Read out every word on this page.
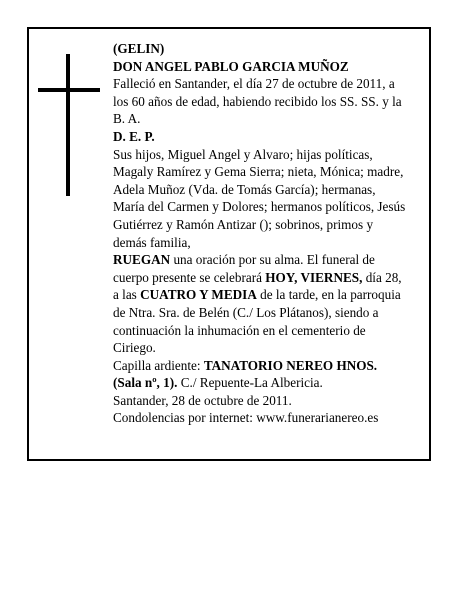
(GELIN)
DON ANGEL PABLO GARCIA MUÑOZ
Falleció en Santander, el día 27 de octubre de 2011, a
los 60 años de edad, habiendo recibido los SS. SS. y la
B. A.
D. E. P.
Sus hijos, Miguel Angel y Alvaro; hijas políticas,
Magaly Ramírez y Gema Sierra; nieta, Mónica; madre,
Adela Muñoz (Vda. de Tomás García); hermanas,
María del Carmen y Dolores; hermanos políticos, Jesús
Gutiérrez y Ramón Antizar (); sobrinos, primos y
demás familia,
RUEGAN una oración por su alma. El funeral de
cuerpo presente se celebrará HOY, VIERNES, día 28,
a las CUATRO Y MEDIA de la tarde, en la parroquia
de Ntra. Sra. de Belén (C./ Los Plátanos), siendo a
continuación la inhumación en el cementerio de
Ciriego.
Capilla ardiente: TANATORIO NEREO HNOS.
(Sala nº, 1). C./ Repuente-La Albericia.
Santander, 28 de octubre de 2011.
Condolencias por internet: www.funerarianereo.es
